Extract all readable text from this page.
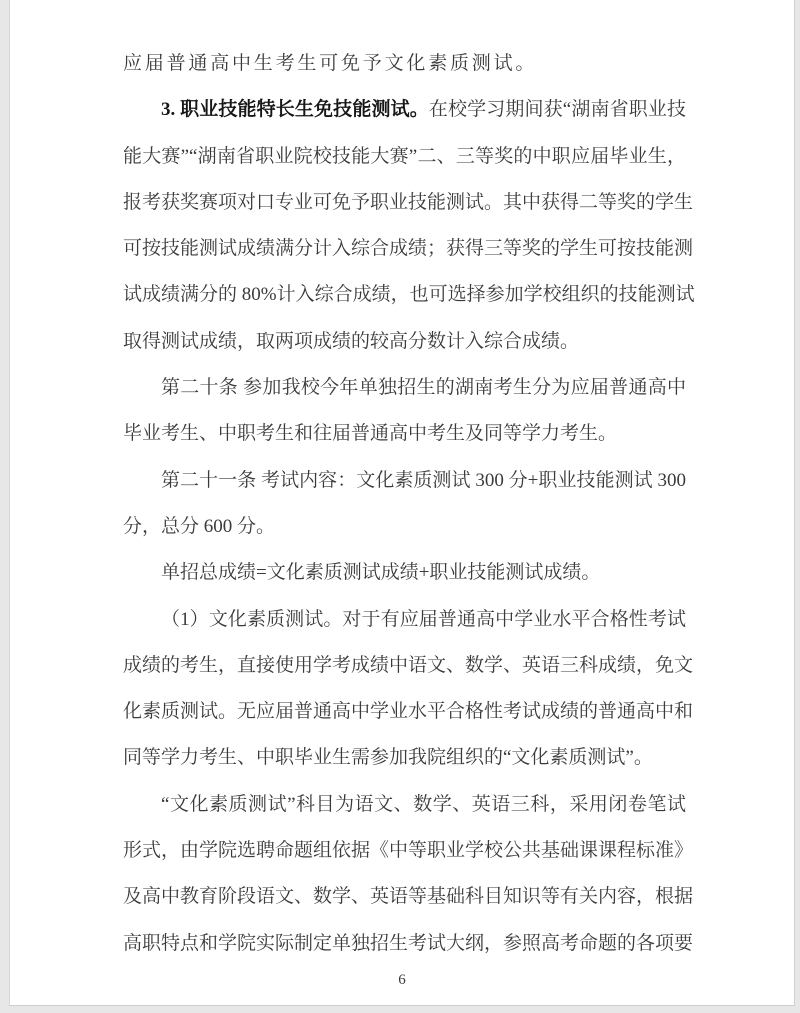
应届普通高中生考生可免予文化素质测试。
3. 职业技能特长生免技能测试。在校学习期间获“湖南省职业技
能大赛”“湖南省职业院校技能大赛”二、三等奖的中职应届毕业生，
报考获奖赛项对口专业可免予职业技能测试。其中获得二等奖的学生
可按技能测试成绩满分计入综合成绩；获得三等奖的学生可按技能测
试成绩满分的 80%计入综合成绩，也可选择参加学校组织的技能测试
取得测试成绩，取两项成绩的较高分数计入综合成绩。
第二十条 参加我校今年单独招生的湖南考生分为应届普通高中
毕业考生、中职考生和往届普通高中考生及同等学力考生。
第二十一条 考试内容：文化素质测试 300 分+职业技能测试 300
分，总分 600 分。
单招总成绩=文化素质测试成绩+职业技能测试成绩。
（1）文化素质测试。对于有应届普通高中学业水平合格性考试
成绩的考生，直接使用学考成绩中语文、数学、英语三科成绩，免文
化素质测试。无应届普通高中学业水平合格性考试成绩的普通高中和
同等学力考生、中职毕业生需参加我院组织的“文化素质测试”。
“文化素质测试”科目为语文、数学、英语三科，采用闭卷笔试
形式，由学院选聘命题组依据《中等职业学校公共基础课课程标准》
及高中教育阶段语文、数学、英语等基础科目知识等有关内容，根据
高职特点和学院实际制定单独招生考试大纲，参照高考命题的各项要
6
